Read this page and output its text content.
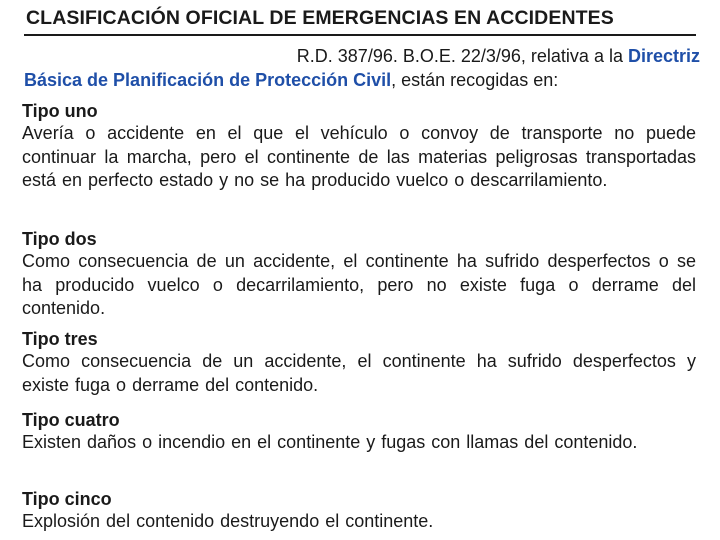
CLASIFICACIÓN OFICIAL DE EMERGENCIAS EN ACCIDENTES
R.D. 387/96. B.O.E. 22/3/96, relativa a la Directriz
Básica de Planificación de Protección Civil, están recogidas en:
Tipo uno

Avería o accidente en el que el vehículo o convoy de transporte no puede continuar la marcha, pero el continente de las materias peligrosas transportadas está en perfecto estado y no se ha producido vuelco o descarrilamiento.

Tipo dos

Como consecuencia de un accidente, el continente ha sufrido desperfectos o se ha producido vuelco o decarrilamiento, pero no existe fuga o derrame del contenido.

Tipo tres

Como consecuencia de un accidente, el continente ha sufrido desperfectos y existe fuga o derrame del contenido.

Tipo cuatro

Existen daños o incendio en el continente y fugas con llamas del contenido.

Tipo cinco

Explosión del contenido destruyendo el continente.
